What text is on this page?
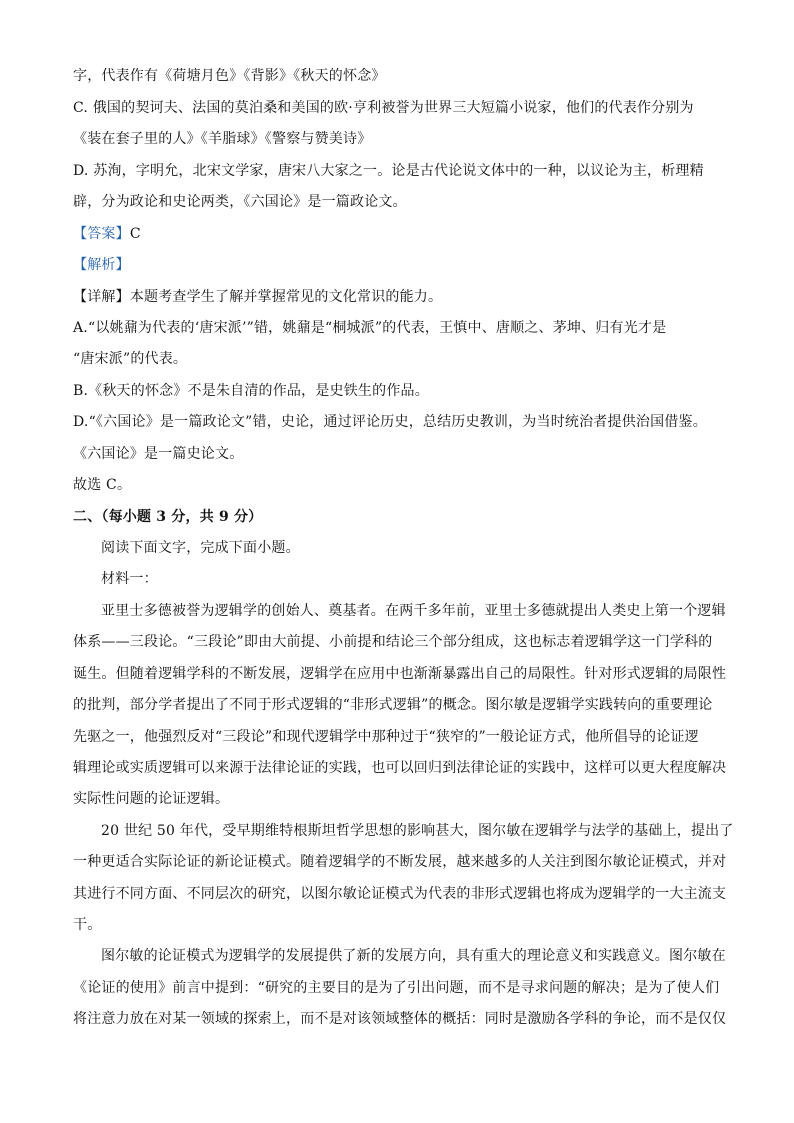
字，代表作有《荷塘月色》《背影》《秋天的怀念》
C. 俄国的契诃夫、法国的莫泊桑和美国的欧·亨利被誉为世界三大短篇小说家，他们的代表作分别为
《装在套子里的人》《羊脂球》《警察与赞美诗》
D. 苏洵，字明允，北宋文学家，唐宋八大家之一。论是古代论说文体中的一种，以议论为主，析理精
辟，分为政论和史论两类，《六国论》是一篇政论文。
【答案】C
【解析】
【详解】本题考查学生了解并掌握常见的文化常识的能力。
A.“以姚鼐为代表的‘唐宋派’”错，姚鼐是“桐城派”的代表，王慎中、唐顺之、茅坤、归有光才是
“唐宋派”的代表。
B.《秋天的怀念》不是朱自清的作品，是史铁生的作品。
D.“《六国论》是一篇政论文”错，史论，通过评论历史，总结历史教训，为当时统治者提供治国借鉴。
《六国论》是一篇史论文。
故选 C。
二、（每小题 3 分，共 9 分）
阅读下面文字，完成下面小题。
材料一：
亚里士多德被誉为逻辑学的创始人、奠基者。在两千多年前，亚里士多德就提出人类史上第一个逻辑
体系——三段论。“三段论”即由大前提、小前提和结论三个部分组成，这也标志着逻辑学这一门学科的
诞生。但随着逻辑学科的不断发展，逻辑学在应用中也渐渐暴露出自己的局限性。针对形式逻辑的局限性
的批判，部分学者提出了不同于形式逻辑的“非形式逻辑”的概念。图尔敏是逻辑学实践转向的重要理论
先驱之一，他强烈反对“三段论”和现代逻辑学中那种过于“狭窄的”一般论证方式，他所倡导的论证逻
辑理论或实质逻辑可以来源于法律论证的实践，也可以回归到法律论证的实践中，这样可以更大程度解决
实际性问题的论证逻辑。
20 世纪 50 年代，受早期维特根斯坦哲学思想的影响甚大，图尔敏在逻辑学与法学的基础上，提出了
一种更适合实际论证的新论证模式。随着逻辑学的不断发展，越来越多的人关注到图尔敏论证模式，并对
其进行不同方面、不同层次的研究，以图尔敏论证模式为代表的非形式逻辑也将成为逻辑学的一大主流支
干。
图尔敏的论证模式为逻辑学的发展提供了新的发展方向，具有重大的理论意义和实践意义。图尔敏在
《论证的使用》前言中提到：“研究的主要目的是为了引出问题，而不是寻求问题的解决；是为了使人们
将注意力放在对某一领域的探索上，而不是对该领域整体的概括：同时是激励各学科的争论，而不是仅仅
